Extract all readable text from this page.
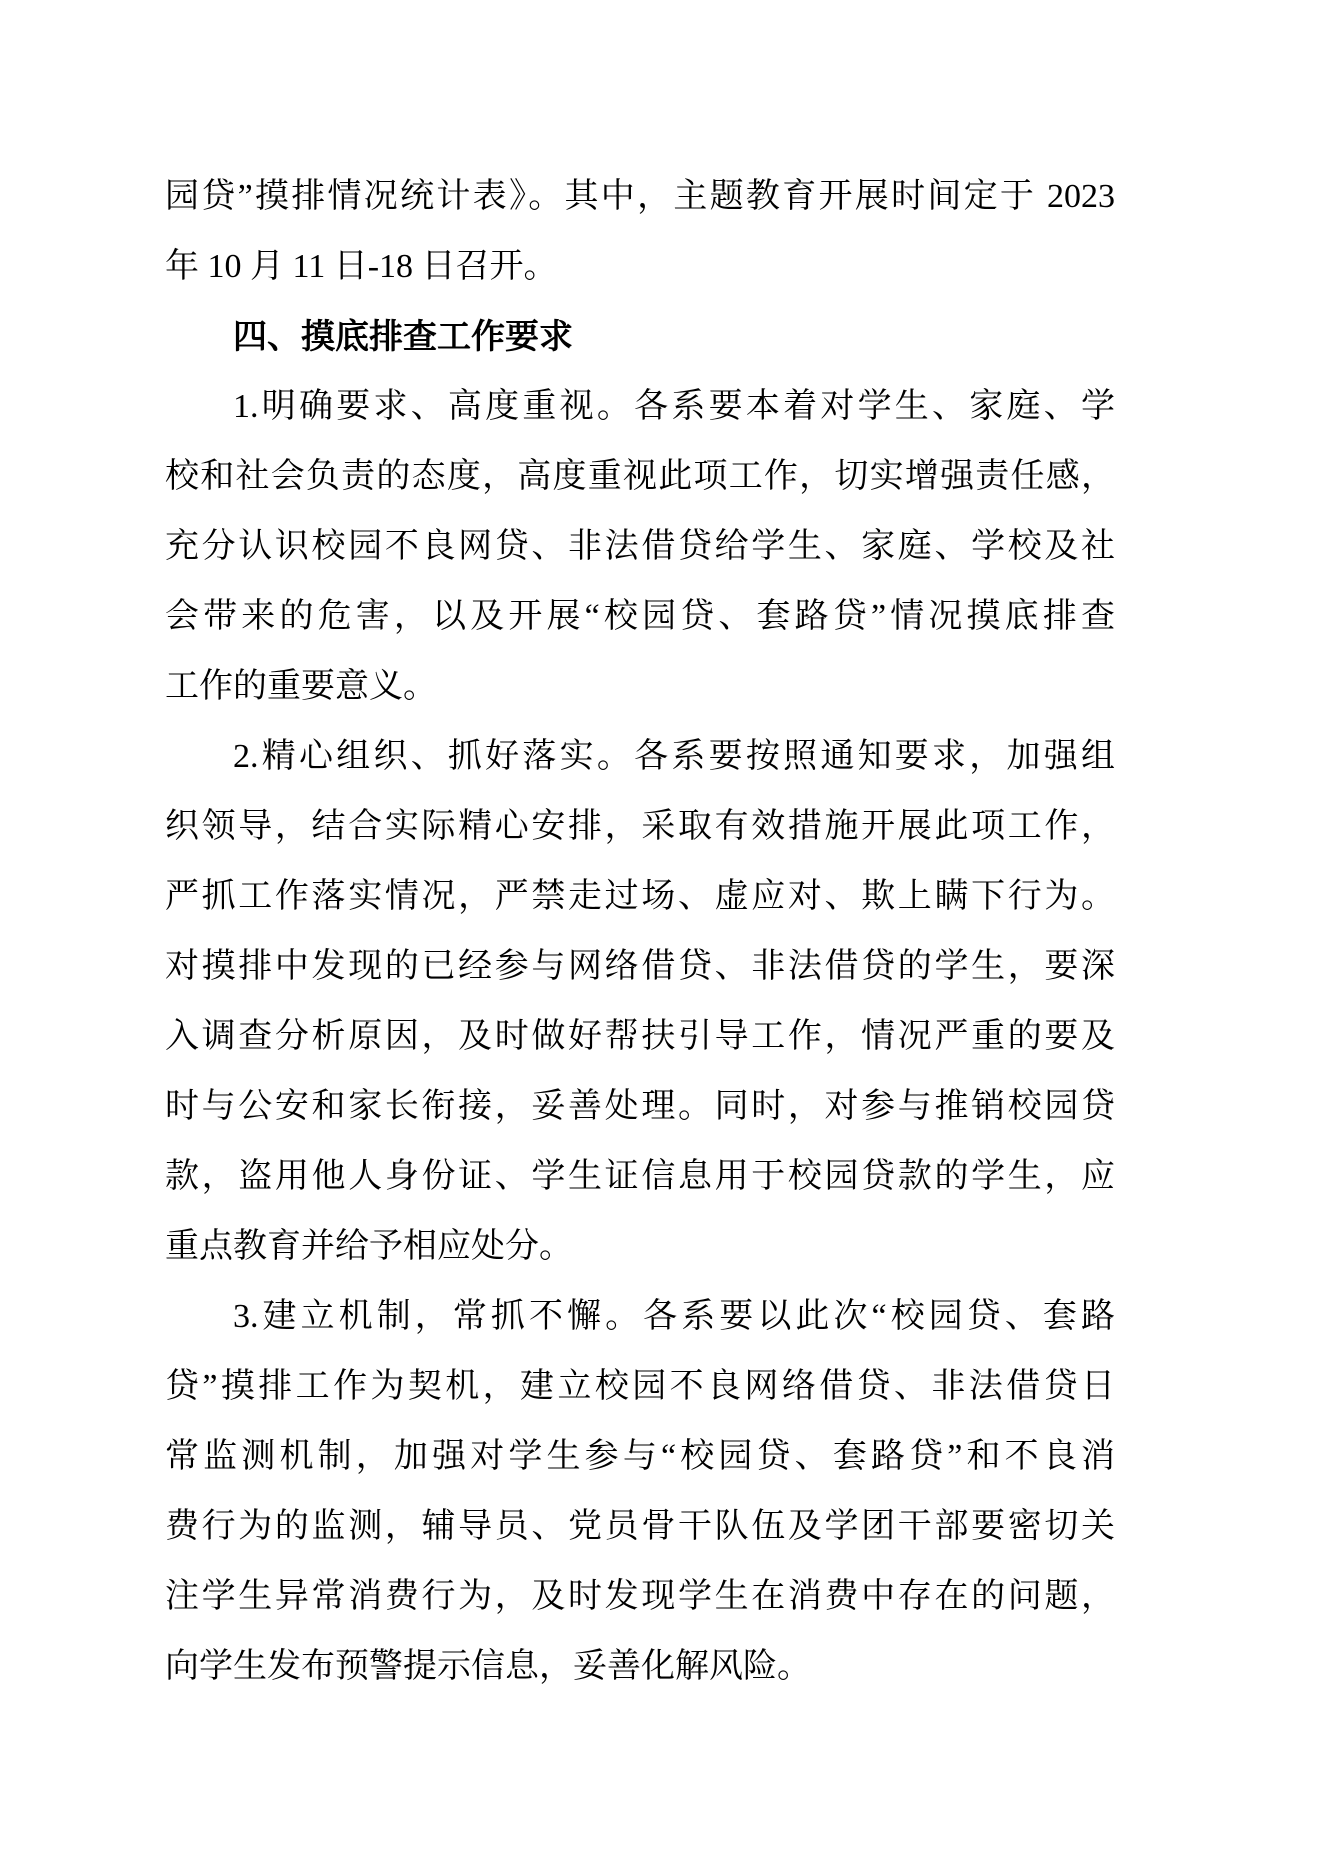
园贷”摸排情况统计表》。其中，主题教育开展时间定于 2023
年 10 月 11 日-18 日召开。
四、摸底排查工作要求
1.明确要求、高度重视。各系要本着对学生、家庭、学
校和社会负责的态度，高度重视此项工作，切实增强责任感，
充分认识校园不良网贷、非法借贷给学生、家庭、学校及社
会带来的危害，以及开展“校园贷、套路贷”情况摸底排查
工作的重要意义。
2.精心组织、抓好落实。各系要按照通知要求，加强组
织领导，结合实际精心安排，采取有效措施开展此项工作，
严抓工作落实情况，严禁走过场、虚应对、欺上瞒下行为。
对摸排中发现的已经参与网络借贷、非法借贷的学生，要深
入调查分析原因，及时做好帮扶引导工作，情况严重的要及
时与公安和家长衔接，妥善处理。同时，对参与推销校园贷
款，盗用他人身份证、学生证信息用于校园贷款的学生，应
重点教育并给予相应处分。
3.建立机制，常抓不懈。各系要以此次“校园贷、套路
贷”摸排工作为契机，建立校园不良网络借贷、非法借贷日
常监测机制，加强对学生参与“校园贷、套路贷”和不良消
费行为的监测，辅导员、党员骨干队伍及学团干部要密切关
注学生异常消费行为，及时发现学生在消费中存在的问题，
向学生发布预警提示信息，妥善化解风险。
